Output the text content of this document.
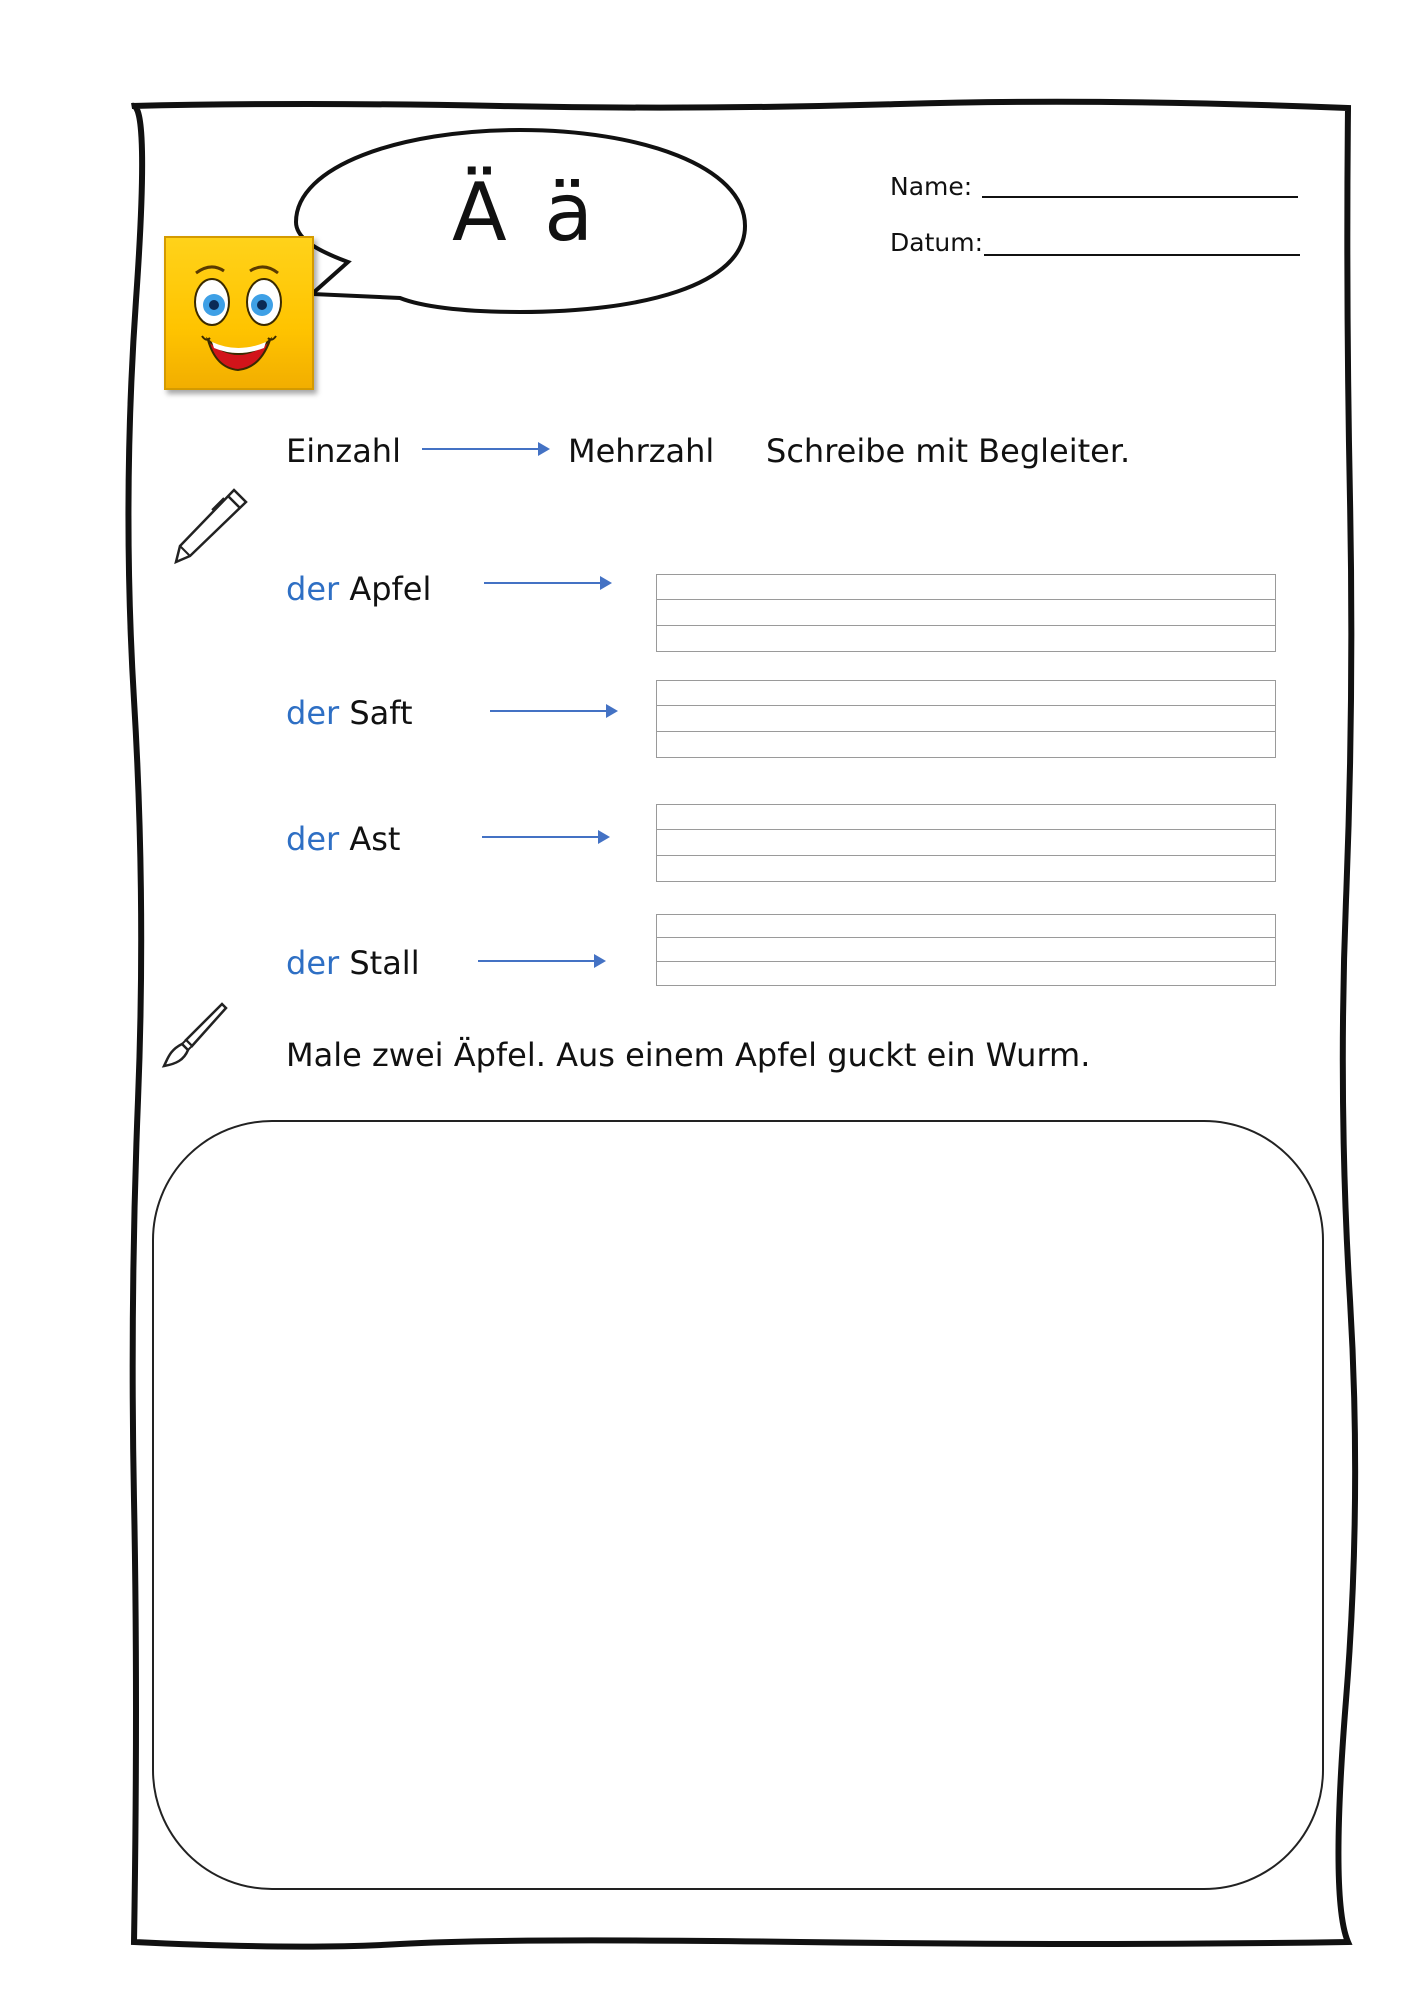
Ä ä	Name:
Datum:
Einzahl	Mehrzahl Schreibe mit Begleiter.
der Apfel
der Saft
der Ast
der Stall
Male zwei Äpfel. Aus einem Apfel guckt ein Wurm.
